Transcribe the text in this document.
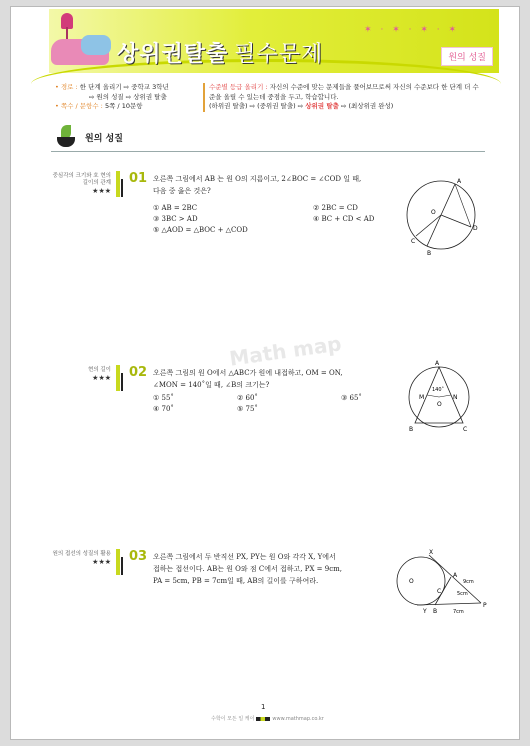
상위권탈출 필수문제
✶ · ✶ · ✶ · ✶
원의 성질
• 경로 : 한 단계 올리기 ⇨ 중학교 3학년
⇨ 원의 성질 ⇨ 상위권 탈출
• 쪽수 / 문항수 : 5쪽 / 10문항
수준별 등급 올리기 : 자신의 수준에 맞는 문제들을 풀어보므로써 자신의 수준보다 한 단계 더 수준을 올릴 수 있는데 중점을 두고, 학습합니다.
(하위권 탈출) ⇨ (중위권 탈출) ⇨ 상위권 탈출 ⇨ (최상위권 완성)
원의 성질
중심각의 크기와 호 현의 길이의 관계
★★★
01 오른쪽 그림에서 AB 는 원 O의 지름이고, 2∠BOC = ∠COD 일 때,
다음 중 옳은 것은?
① AB = 2BC	② 2BC = CD
③ 3BC > AD	④ BC + CD < AD
⑤ △AOD = △BOC + △COD
A
O
D
B
C
현의 길이
★★★ 02 오른쪽 그림의 원 O에서 △ABC가 원에 내접하고, OM = ON,
∠MON = 140˚일 때, ∠B의 크기는?
① 55˚	② 60˚	③ 65˚
④ 70˚	⑤ 75˚
A
140˚
M	N
O
B	C
원의 접선의 성질의 활용
★★★ 03 오른쪽 그림에서 두 반직선 PX, PY는 원 O와 각각 X, Y에서
접하는 접선이다. AB는 원 O와 점 C에서 접하고, PX = 9cm,
PA = 5cm, PB = 7cm일 때, AB의 길이를 구하여라.	O
X
A
C
9cm
5cm
Y B	7cm
P
Math map
1
수학이 모든 일 케이	www.mathmap.co.kr
